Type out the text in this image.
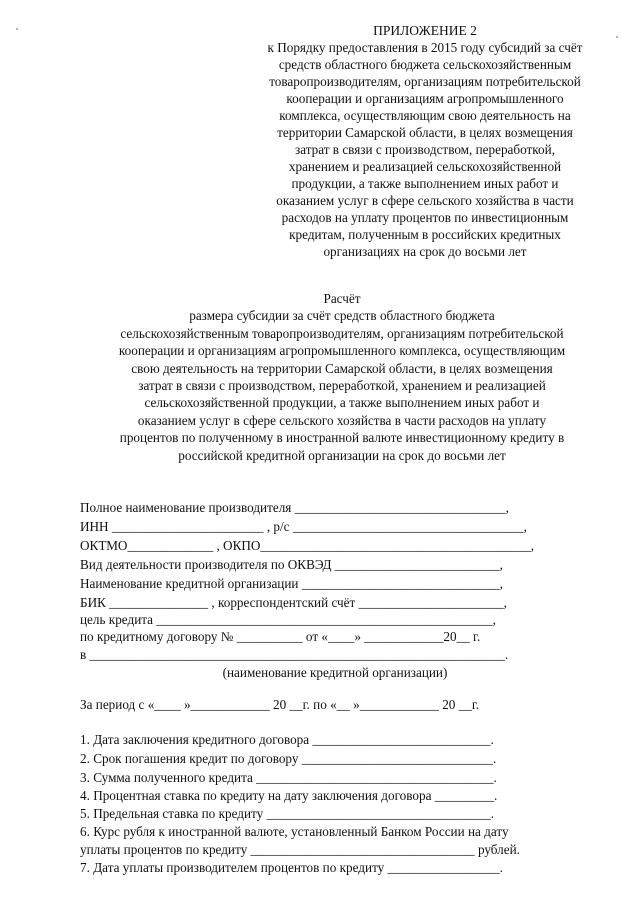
ПРИЛОЖЕНИЕ 2
к Порядку предоставления в 2015 году субсидий за счёт
средств областного бюджета сельскохозяйственным
товаропроизводителям, организациям потребительской
кооперации и организациям агропромышленного
комплекса, осуществляющим свою деятельность на
территории Самарской области, в целях возмещения
затрат в связи с производством, переработкой,
хранением и реализацией сельскохозяйственной
продукции, а также выполнением иных работ и
оказанием услуг в сфере сельского хозяйства в части
расходов на уплату процентов по инвестиционным
кредитам, полученным в российских кредитных
организациях на срок до восьми лет
Расчёт
размера субсидии за счёт средств областного бюджета
сельскохозяйственным товаропроизводителям, организациям потребительской
кооперации и организациям агропромышленного комплекса, осуществляющим
свою деятельность на территории Самарской области, в целях возмещения
затрат в связи с производством, переработкой, хранением и реализацией
сельскохозяйственной продукции, а также выполнением иных работ и
оказанием услуг в сфере сельского хозяйства в части расходов на уплату
процентов по полученному в иностранной валюте инвестиционному кредиту в
российской кредитной организации на срок до восьми лет
Полное наименование производителя ________________________________,
ИНН _______________________ , р/с ___________________________________,
ОКТМО_____________ , ОКПО_________________________________________,
Вид деятельности производителя по ОКВЭД _________________________,
Наименование кредитной организации ______________________________,
БИК _______________ , корреспондентский счёт ______________________,
цель кредита ___________________________________________________,
по кредитному договору № __________ от «____» ____________20__ г.
в _______________________________________________________________.
(наименование кредитной организации)
За период с «____ »____________ 20 __г. по «__ »____________ 20 __г.
1. Дата заключения кредитного договора ___________________________.
2. Срок погашения кредит по договору _____________________________.
3. Сумма полученного кредита ____________________________________.
4. Процентная ставка по кредиту на дату заключения договора _________.
5. Предельная ставка по кредиту __________________________________.
6. Курс рубля к иностранной валюте, установленный Банком России на дату
уплаты процентов по кредиту __________________________________ рублей.
7. Дата уплаты производителем процентов по кредиту _________________.
